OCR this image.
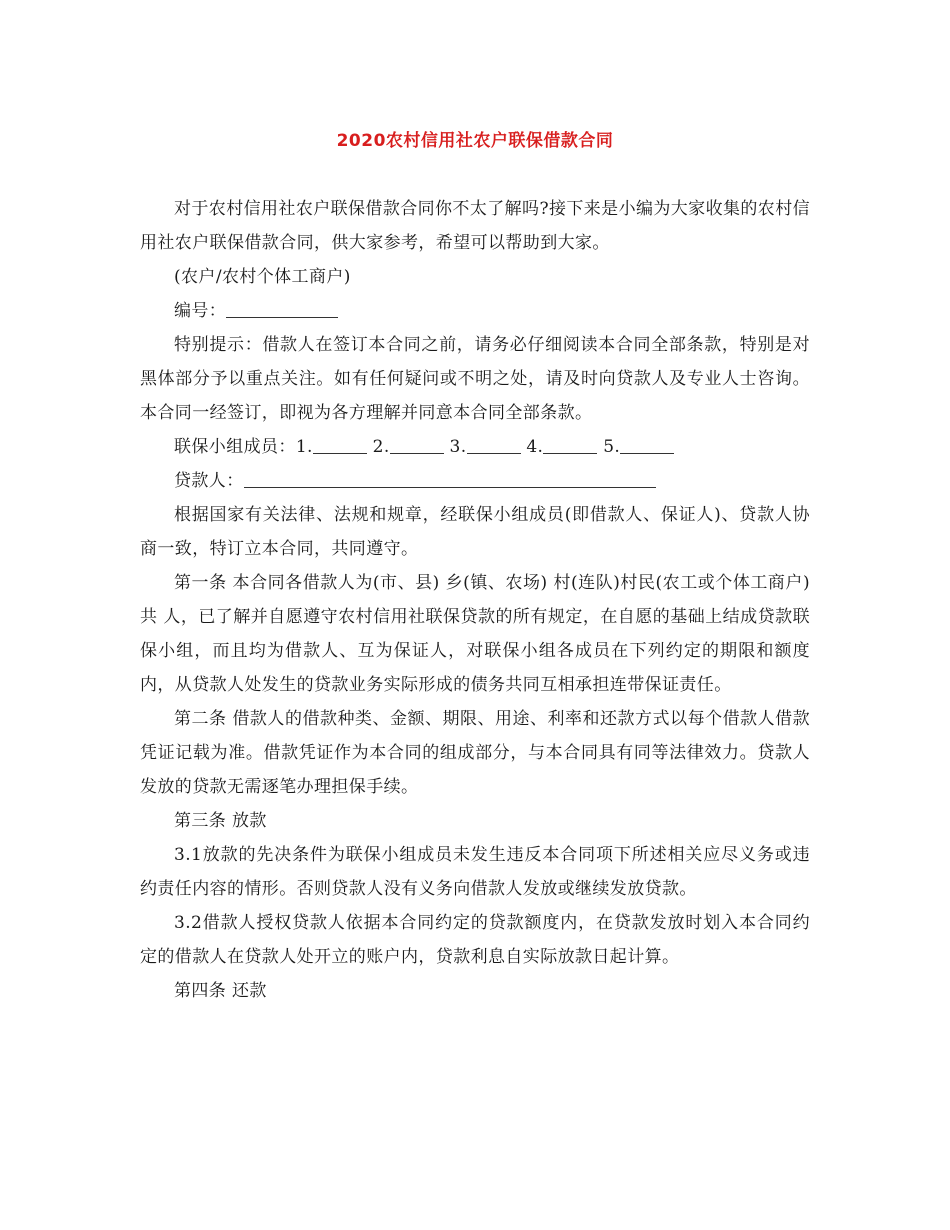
2020农村信用社农户联保借款合同

对于农村信用社农户联保借款合同你不太了解吗?接下来是小编为大家收集的农村信用社农户联保借款合同，供大家参考，希望可以帮助到大家。

(农户/农村个体工商户)

编号：

特别提示：借款人在签订本合同之前，请务必仔细阅读本合同全部条款，特别是对黑体部分予以重点关注。如有任何疑问或不明之处，请及时向贷款人及专业人士咨询。本合同一经签订，即视为各方理解并同意本合同全部条款。

联保小组成员：1.	2.	3.	4.	5.

贷款人：

根据国家有关法律、法规和规章，经联保小组成员(即借款人、保证人)、贷款人协商一致，特订立本合同，共同遵守。

第一条 本合同各借款人为(市、县) 乡(镇、农场) 村(连队)村民(农工或个体工商户)共 人，已了解并自愿遵守农村信用社联保贷款的所有规定，在自愿的基础上结成贷款联保小组，而且均为借款人、互为保证人，对联保小组各成员在下列约定的期限和额度内，从贷款人处发生的贷款业务实际形成的债务共同互相承担连带保证责任。

第二条 借款人的借款种类、金额、期限、用途、利率和还款方式以每个借款人借款凭证记载为准。借款凭证作为本合同的组成部分，与本合同具有同等法律效力。贷款人发放的贷款无需逐笔办理担保手续。

第三条 放款

3.1放款的先决条件为联保小组成员未发生违反本合同项下所述相关应尽义务或违约责任内容的情形。否则贷款人没有义务向借款人发放或继续发放贷款。

3.2借款人授权贷款人依据本合同约定的贷款额度内，在贷款发放时划入本合同约定的借款人在贷款人处开立的账户内，贷款利息自实际放款日起计算。

第四条 还款
